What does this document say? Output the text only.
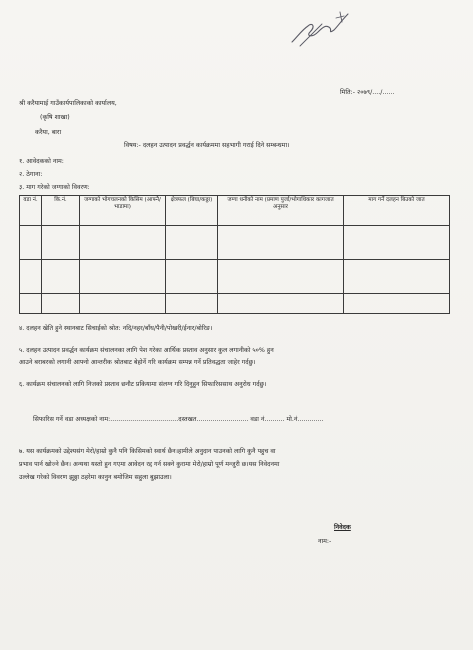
मिति:- २०७९/..../......
श्री करैयामाई गाउँकार्यपालिकाको कार्यालय,
(कृषि शाखा)
करैया, बारा
विषय:- दलहन उत्पादन प्रवर्द्धन कार्यक्रममा सहभागी गराई दिने सम्बन्धमा।
१. आवेदकको नाम:
२. ठेगाना:
३. माग गरेको जग्गाको विवरण:
वडा नं.	कि.नं.	जग्गाको भोगचलनको किसिम (आफ्नै/भाडामा)	क्षेत्रफल (बिघा/कठ्ठा)	जग्गा धनीको नाम (प्रमाण पुर्जा/भोगाधिकार कागजात अनुसार	माग गर्ने दलहन बिउको जात

४. दलहन खेति हुने स्थानबाट सिचाईको श्रोत: नदि/नहर/बाँध/पैनी/पोखरी/ईनार/बोरिङ।
५. दलहन उत्पादन प्रवर्द्धन कार्यक्रम संचालनका लागि पेश गरेका आर्थिक प्रस्ताव अनुसार कुल लगानीको ५०% हुन
आउने बराबरको लगानी आफ्नो आन्तरीक श्रोतबाट बेहोर्ने गरि कार्यक्रम सम्पन्न गर्ने प्रतिवद्धता जाहेर गर्दछु।
६. कार्यक्रम संचालनको लागि निजको प्रस्ताव छनौट प्रकियामा संलग्न गरि दिनुहुन सिफारिससाथ अनुरोध गर्दछु।
सिफारिस गर्ने वडा अध्यक्षको नाम:..................................दस्तखत.......................... वडा नं.......... मो.नं.............
७. यस कार्यक्रमको उद्देश्यसंग मेरो/हाम्रो कुनै पनि किसिमको स्वार्थ छैन।हामीले अनुदान पाउनको लागि कुनै पहुच वा
प्रभाव पार्न खोज्ने छैन। अन्यथा यस्तो हुन गएमा आवेदन रद्द गर्न सक्ने कुरामा मेरो/हाम्रो पूर्ण मन्जुरी छ।यस निवेदनमा
उल्लेख गरेको विवरण झुठ्ठा ठहरेमा कानुन बमोजिम सहुला बुझाउला।
निवेदक
नाम:-
